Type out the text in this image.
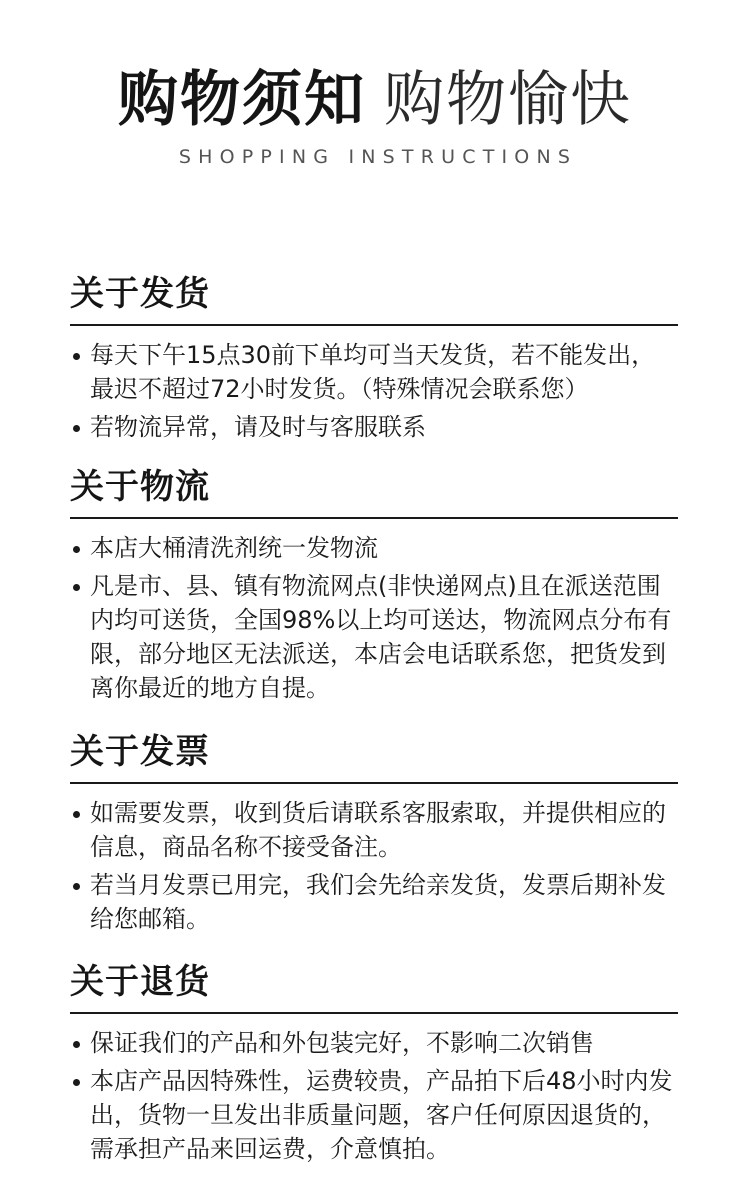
购物须知 购物愉快
SHOPPING INSTRUCTIONS
关于发货
每天下午15点30前下单均可当天发货，若不能发出，最迟不超过72小时发货。（特殊情况会联系您）
若物流异常，请及时与客服联系
关于物流
本店大桶清洗剂统一发物流
凡是市、县、镇有物流网点(非快递网点)且在派送范围内均可送货，全国98%以上均可送达，物流网点分布有限，部分地区无法派送，本店会电话联系您，把货发到离你最近的地方自提。
关于发票
如需要发票，收到货后请联系客服索取，并提供相应的信息，商品名称不接受备注。
若当月发票已用完，我们会先给亲发货，发票后期补发给您邮箱。
关于退货
保证我们的产品和外包装完好，不影响二次销售
本店产品因特殊性，运费较贵，产品拍下后48小时内发出，货物一旦发出非质量问题，客户任何原因退货的，需承担产品来回运费，介意慎拍。
